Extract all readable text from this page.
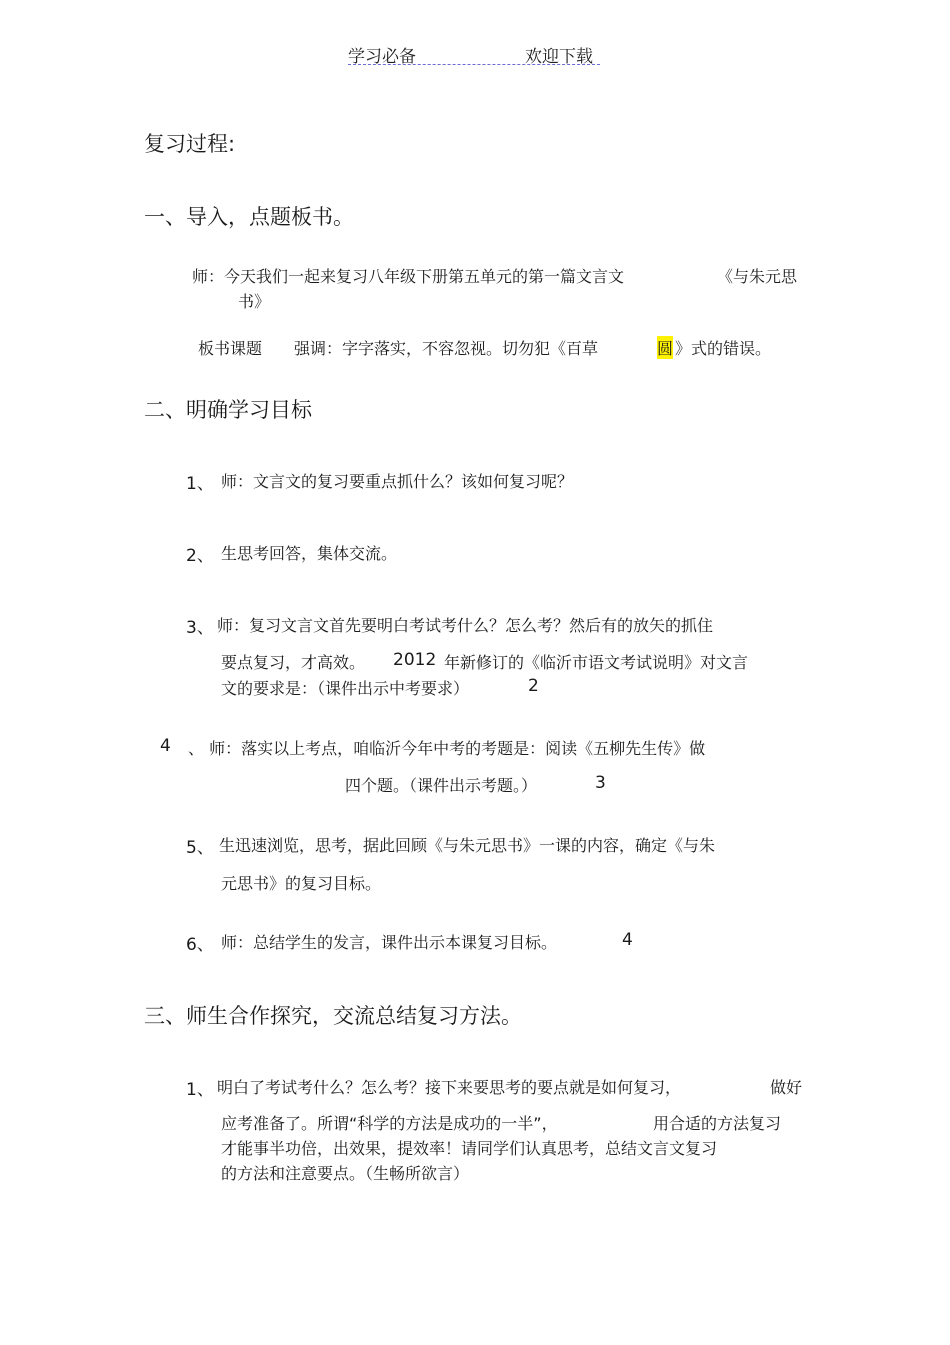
学习必备	欢迎下载
复习过程:
一、导入，点题板书。
师：今天我们一起来复习八年级下册第五单元的第一篇文言文	《与朱元思
书》
板书课题 强调：字字落实，不容忽视。切勿犯《百草	圆 》式的错误。
二、明确学习目标
1、 师：文言文的复习要重点抓什么？该如何复习呢？
2、 生思考回答，集体交流。
3、 师：复习文言文首先要明白考试考什么？怎么考？然后有的放矢的抓住
要点复习，才高效。 2012 年新修订的《临沂市语文考试说明》对文言
文的要求是：（课件出示中考要求）	2
4 、 师：落实以上考点，咱临沂今年中考的考题是：阅读《五柳先生传》做
四个题。（课件出示考题。）	3
5、 生迅速浏览，思考，据此回顾《与朱元思书》一课的内容，确定《与朱
元思书》的复习目标。
6、 师：总结学生的发言，课件出示本课复习目标。	4
三、师生合作探究，交流总结复习方法。
1、 明白了考试考什么？怎么考？接下来要思考的要点就是如何复习，	做好
应考准备了。所谓“科学的方法是成功的一半”，	用合适的方法复习
才能事半功倍，出效果，提效率！请同学们认真思考，总结文言文复习
的方法和注意要点。（生畅所欲言）
